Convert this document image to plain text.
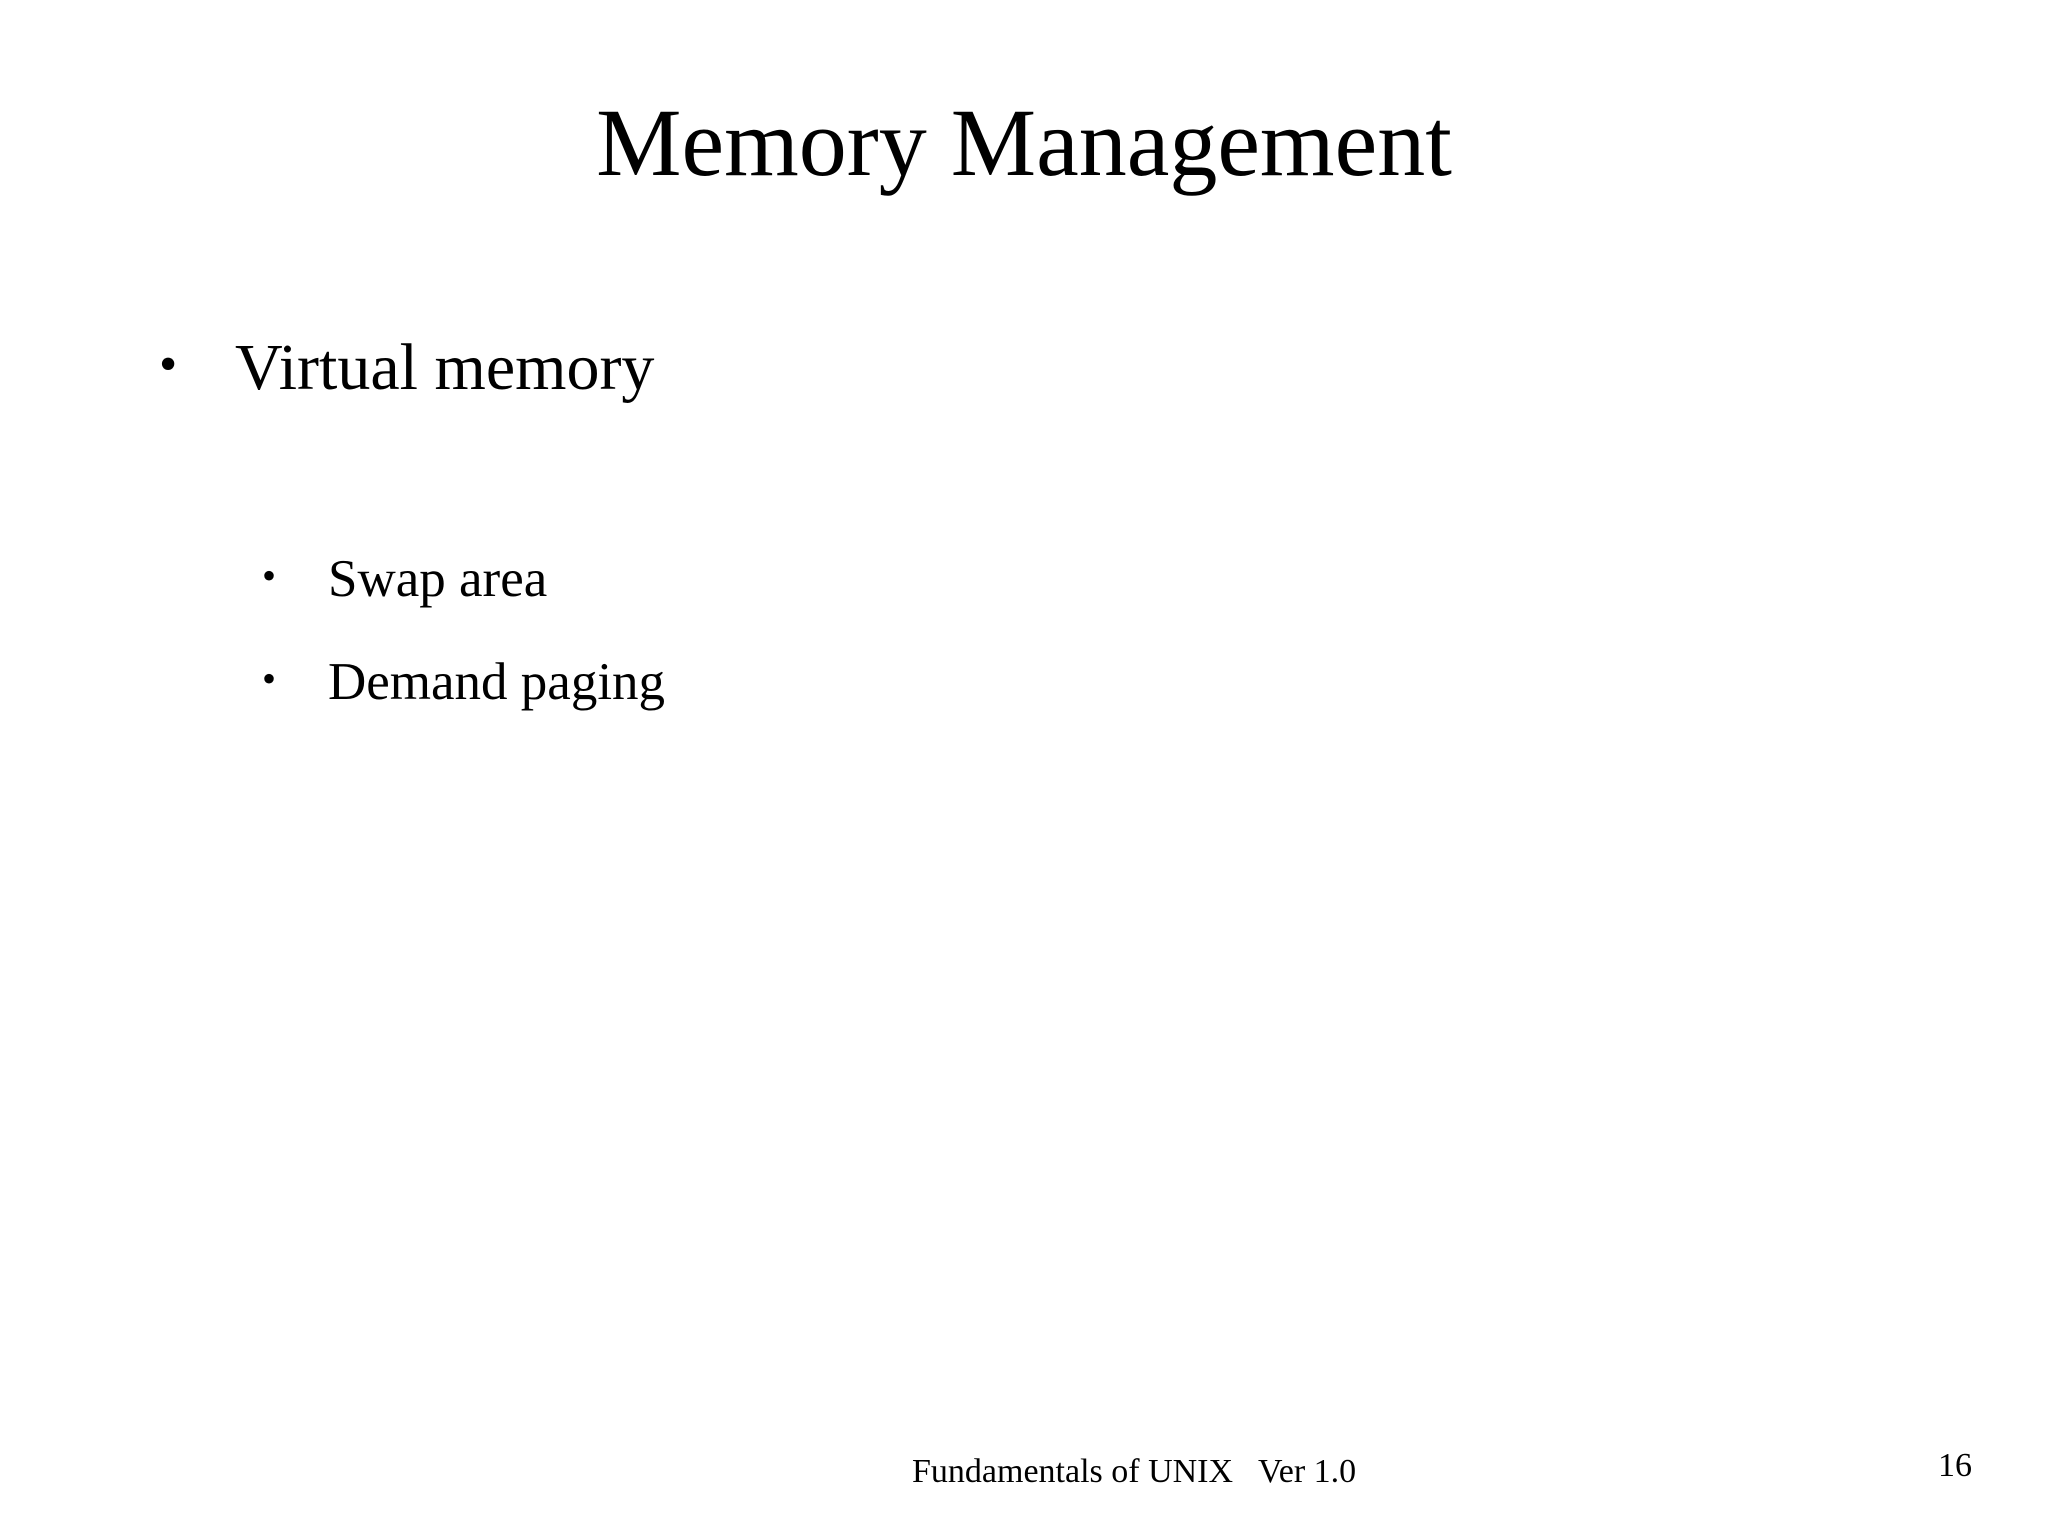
Memory Management
• Virtual memory
• Swap area
• Demand paging
Fundamentals of UNIX   Ver 1.0	16
